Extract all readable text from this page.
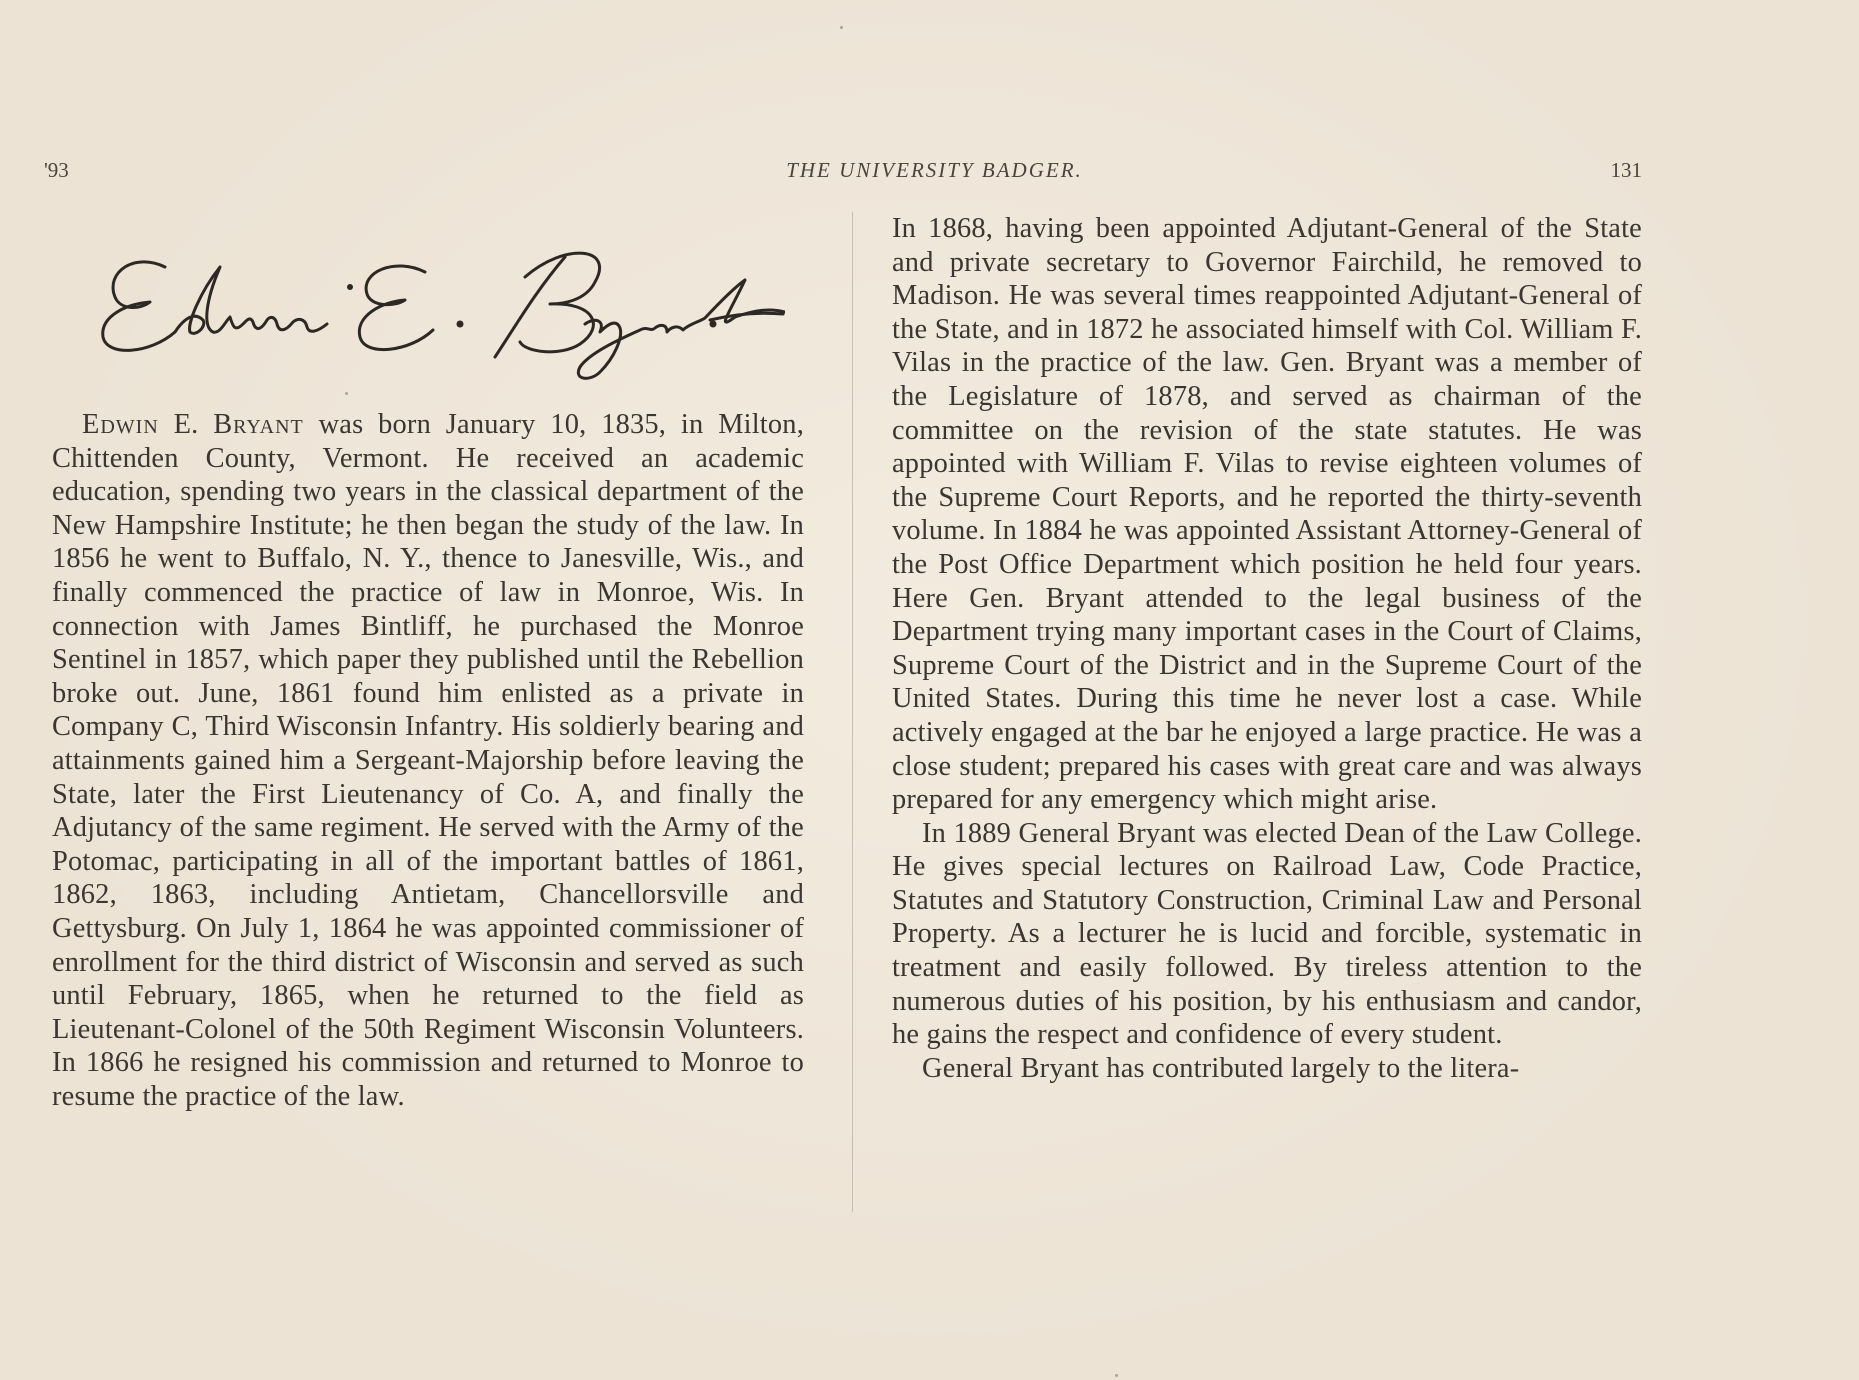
'93	THE UNIVERSITY BADGER.	131

Edwin E. Bryant was born January 10, 1835, in Milton, Chittenden County, Vermont. He received an academic education, spending two years in the classical department of the New Hampshire Institute; he then began the study of the law. In 1856 he went to Buffalo, N. Y., thence to Janesville, Wis., and finally commenced the practice of law in Monroe, Wis. In connection with James Bintliff, he purchased the Monroe Sentinel in 1857, which paper they published until the Rebellion broke out. June, 1861 found him enlisted as a private in Company C, Third Wisconsin Infantry. His soldierly bearing and attainments gained him a Sergeant-Majorship before leaving the State, later the First Lieutenancy of Co. A, and finally the Adjutancy of the same regiment. He served with the Army of the Potomac, participating in all of the important battles of 1861, 1862, 1863, including Antietam, Chancellorsville and Gettysburg. On July 1, 1864 he was appointed commissioner of enrollment for the third district of Wisconsin and served as such until February, 1865, when he returned to the field as Lieutenant-Colonel of the 50th Regiment Wisconsin Volunteers. In 1866 he resigned his commission and returned to Monroe to resume the practice of the law.

In 1868, having been appointed Adjutant-General of the State and private secretary to Governor Fairchild, he removed to Madison. He was several times reappointed Adjutant-General of the State, and in 1872 he associated himself with Col. William F. Vilas in the practice of the law. Gen. Bryant was a member of the Legislature of 1878, and served as chairman of the committee on the revision of the state statutes. He was appointed with William F. Vilas to revise eighteen volumes of the Supreme Court Reports, and he reported the thirty-seventh volume. In 1884 he was appointed Assistant Attorney-General of the Post Office Department which position he held four years. Here Gen. Bryant attended to the legal business of the Department trying many important cases in the Court of Claims, Supreme Court of the District and in the Supreme Court of the United States. During this time he never lost a case. While actively engaged at the bar he enjoyed a large practice. He was a close student; prepared his cases with great care and was always prepared for any emergency which might arise.

In 1889 General Bryant was elected Dean of the Law College. He gives special lectures on Railroad Law, Code Practice, Statutes and Statutory Construction, Criminal Law and Personal Property. As a lecturer he is lucid and forcible, systematic in treatment and easily followed. By tireless attention to the numerous duties of his position, by his enthusiasm and candor, he gains the respect and confidence of every student.

General Bryant has contributed largely to the litera-
